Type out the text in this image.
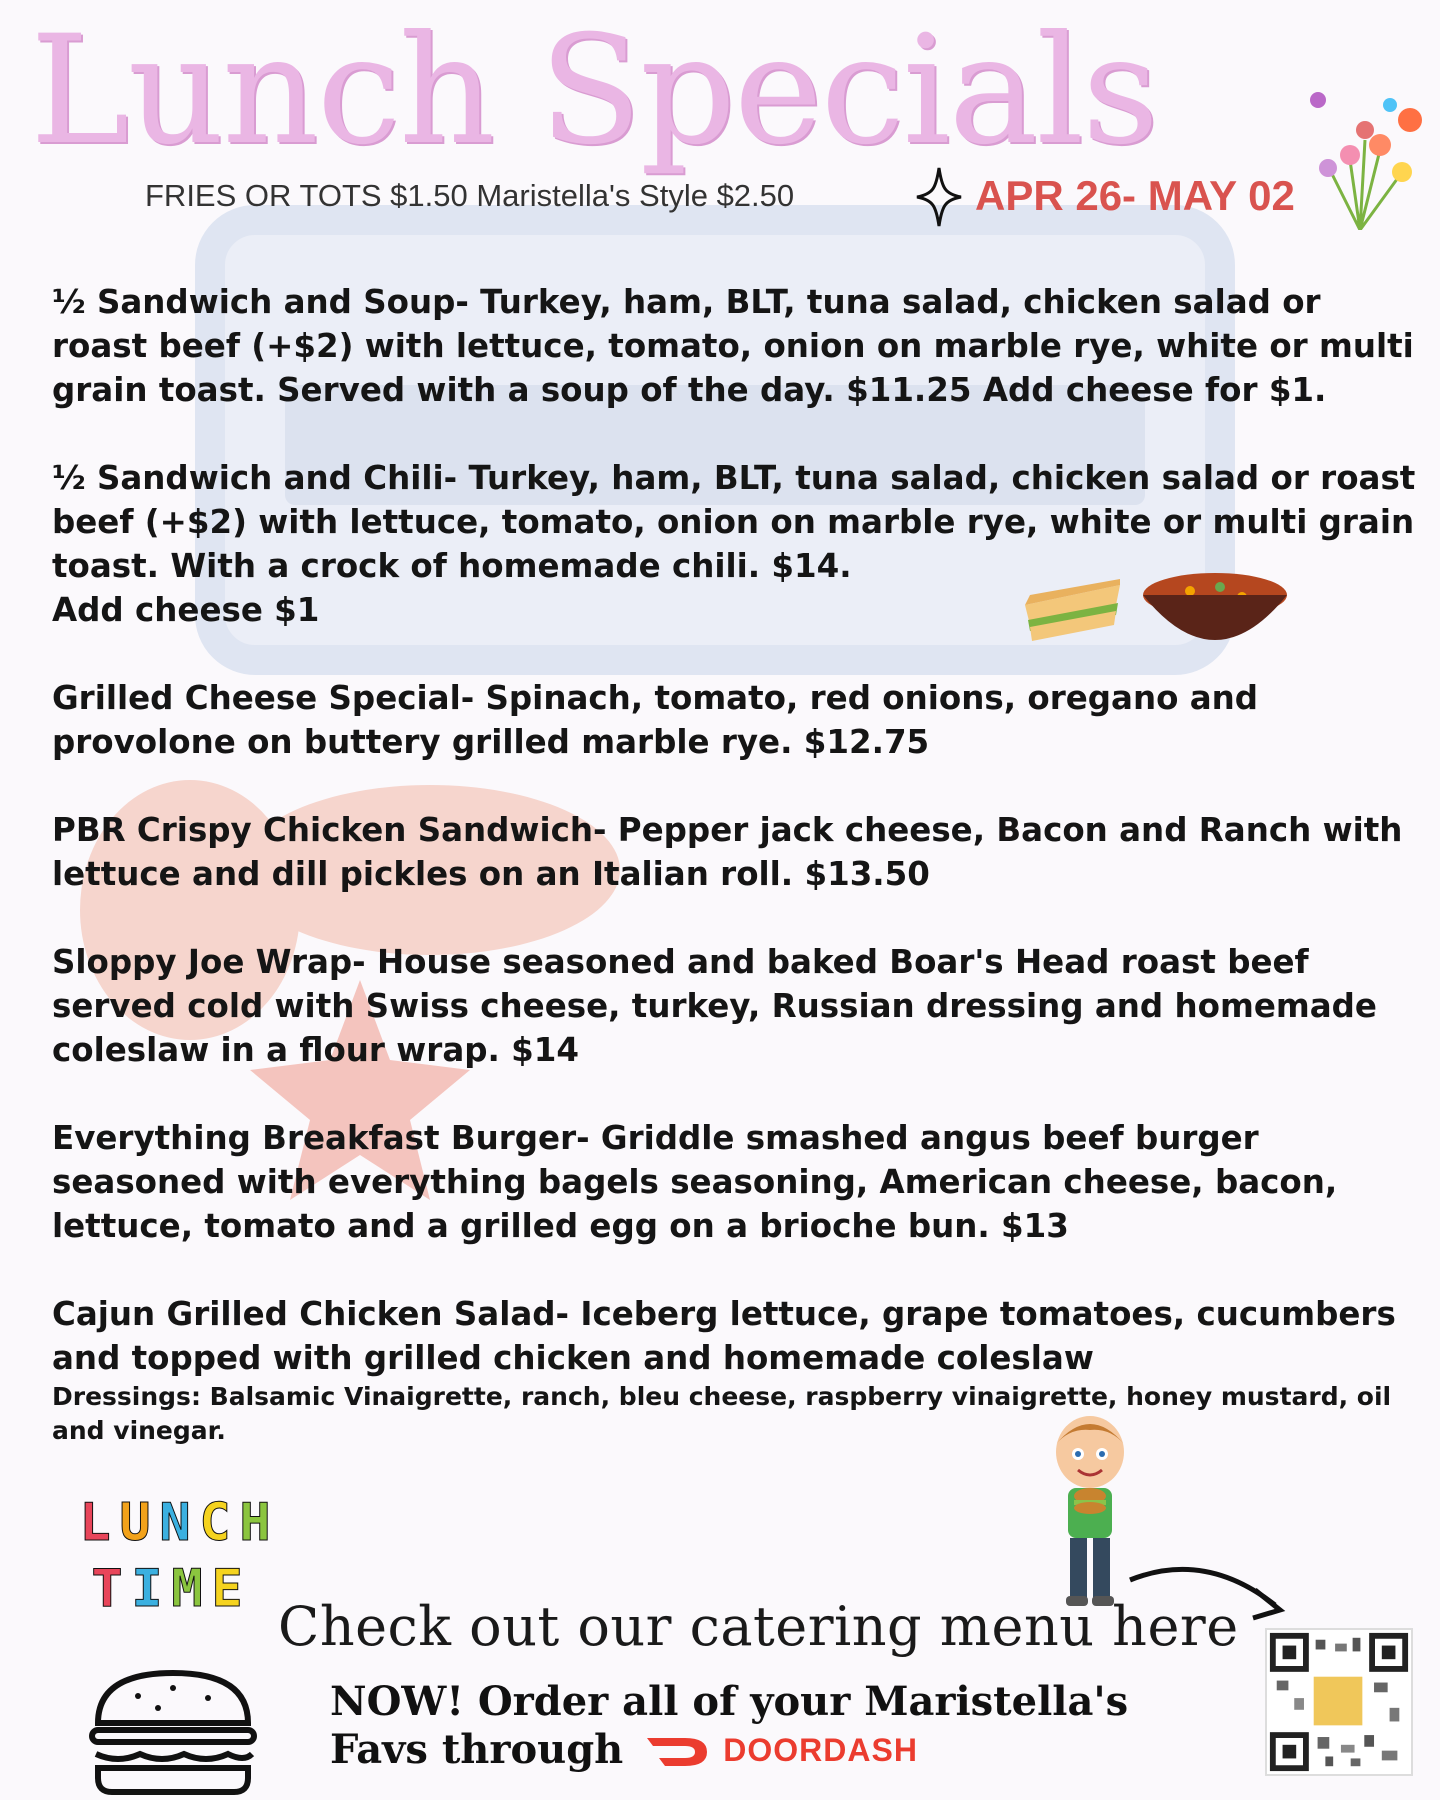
Lunch Specials
FRIES OR TOTS $1.50 Maristella's Style $2.50	APR 26- MAY 02
½ Sandwich and Soup- Turkey, ham, BLT, tuna salad, chicken salad or roast beef (+$2) with lettuce, tomato, onion on marble rye, white or multi grain toast. Served with a soup of the day. $11.25 Add cheese for $1.
½ Sandwich and Chili- Turkey, ham, BLT, tuna salad, chicken salad or roast beef (+$2) with lettuce, tomato, onion on marble rye, white or multi grain toast. With a crock of homemade chili. $14.
Add cheese $1
Grilled Cheese Special- Spinach, tomato, red onions, oregano and provolone on buttery grilled marble rye. $12.75
PBR Crispy Chicken Sandwich- Pepper jack cheese, Bacon and Ranch with lettuce and dill pickles on an Italian roll. $13.50
Sloppy Joe Wrap- House seasoned and baked Boar's Head roast beef served cold with Swiss cheese, turkey, Russian dressing and homemade coleslaw in a flour wrap. $14
Everything Breakfast Burger- Griddle smashed angus beef burger seasoned with everything bagels seasoning, American cheese, bacon, lettuce, tomato and a grilled egg on a brioche bun. $13
Cajun Grilled Chicken Salad- Iceberg lettuce, grape tomatoes, cucumbers and topped with grilled chicken and homemade coleslaw
Dressings: Balsamic Vinaigrette, ranch, bleu cheese, raspberry vinaigrette, honey mustard, oil and vinegar.
L U N C H
T I M E
Check out our catering menu here
NOW! Order all of your Maristella's
Favs through	DOORDASH
